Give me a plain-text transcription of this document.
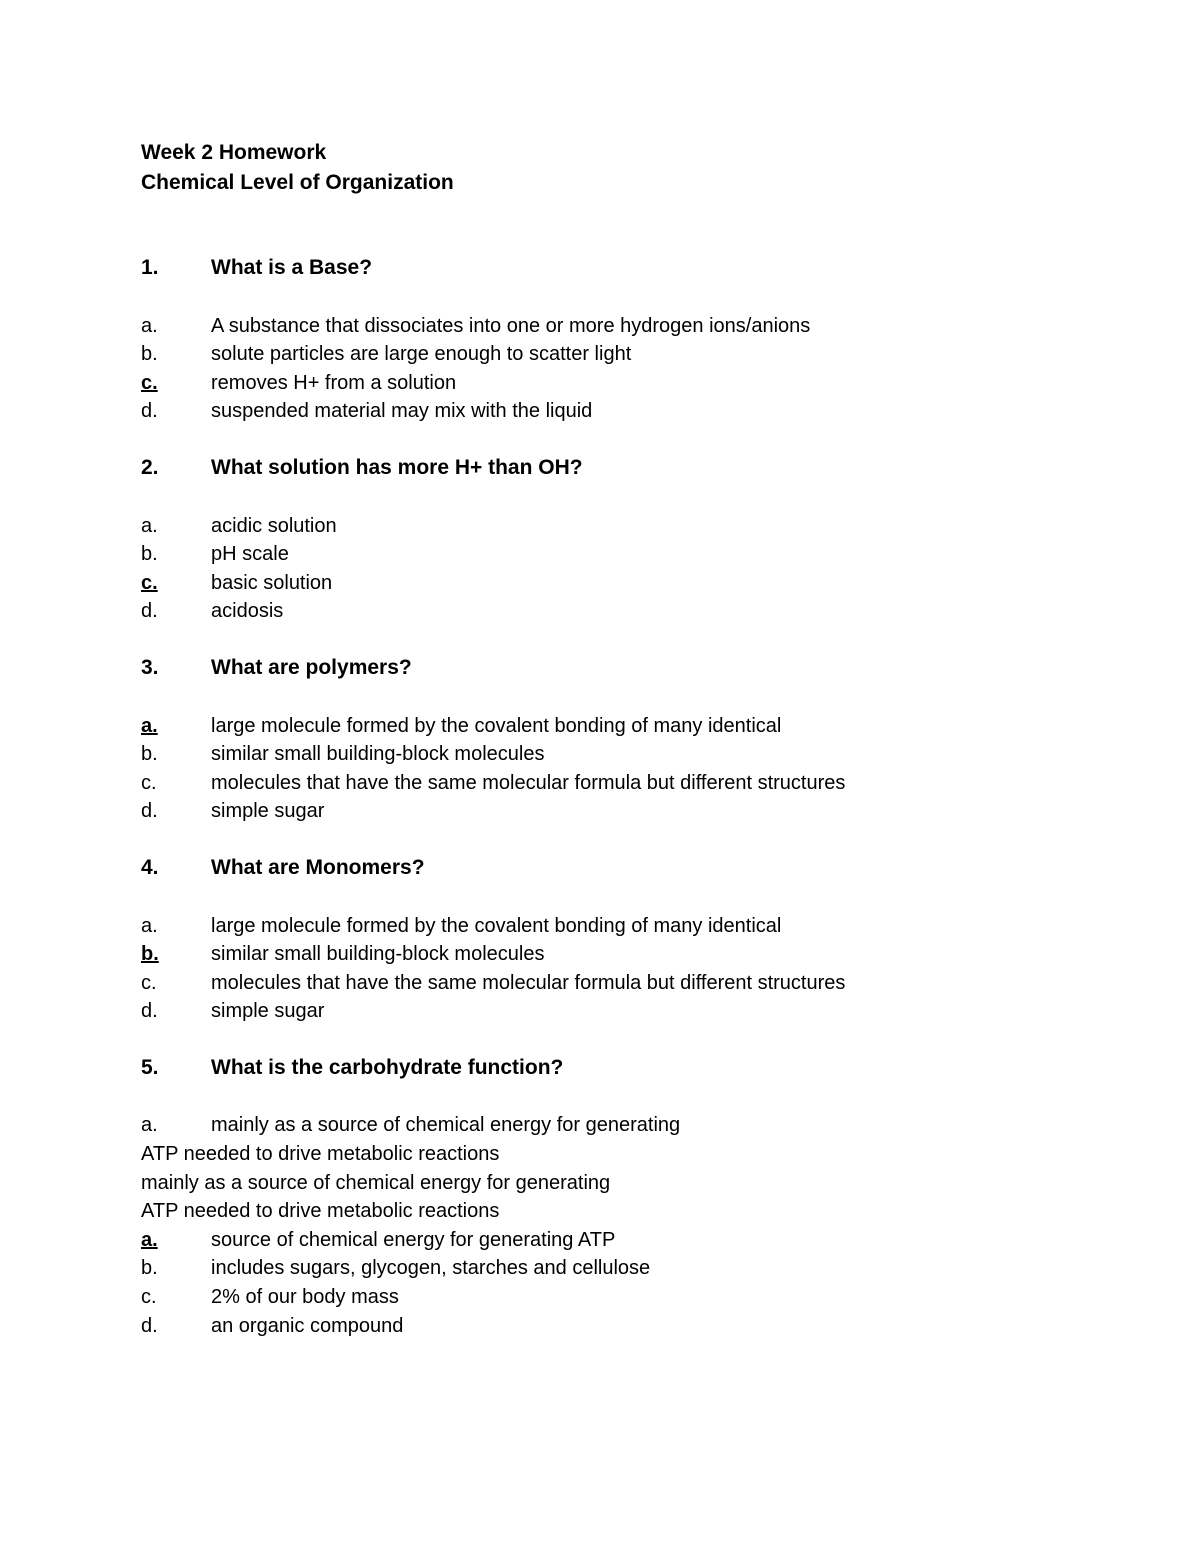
Week 2 Homework
Chemical Level of Organization
1.	What is a Base?
a.	A substance that dissociates into one or more hydrogen ions/anions
b.	solute particles are large enough to scatter light
c.	removes H+ from a solution
d.	suspended material may mix with the liquid
2.	What solution has more H+ than OH?
a.	acidic solution
b.	pH scale
c.	basic solution
d.	acidosis
3.	What are polymers?
a.	large molecule formed by the covalent bonding of many identical
b.	similar small building-block molecules
c.	molecules that have the same molecular formula but different structures
d.	simple sugar
4.	What are Monomers?
a.	large molecule formed by the covalent bonding of many identical
b.	similar small building-block molecules
c.	molecules that have the same molecular formula but different structures
d.	simple sugar
5.	What is the carbohydrate function?
a.	mainly as a source of chemical energy for generating
ATP needed to drive metabolic reactions
mainly as a source of chemical energy for generating
ATP needed to drive metabolic reactions
a.	source of chemical energy for generating ATP
b.	includes sugars, glycogen, starches and cellulose
c.	2% of our body mass
d.	an organic compound
